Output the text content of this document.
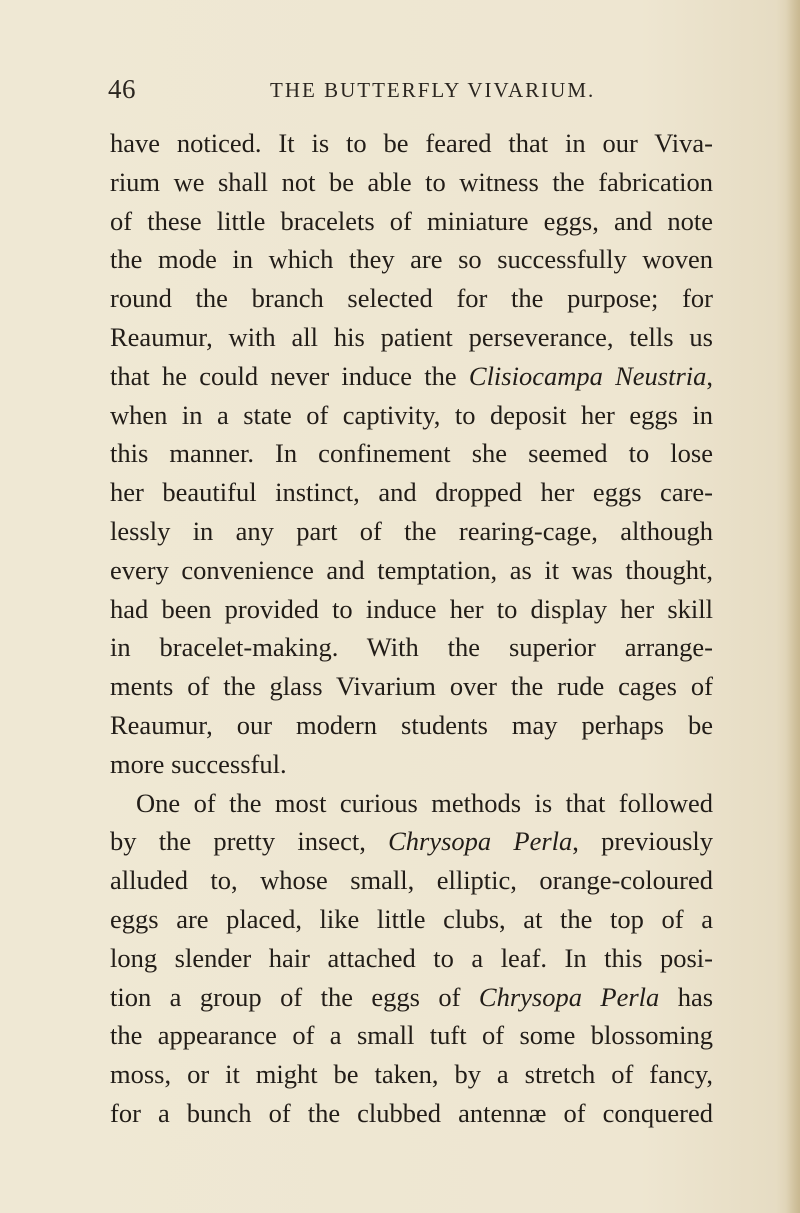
46	THE BUTTERFLY VIVARIUM.
have noticed. It is to be feared that in our Viva-
rium we shall not be able to witness the fabrication
of these little bracelets of miniature eggs, and note
the mode in which they are so successfully woven
round the branch selected for the purpose; for
Reaumur, with all his patient perseverance, tells us
that he could never induce the Clisiocampa Neustria,
when in a state of captivity, to deposit her eggs in
this manner. In confinement she seemed to lose
her beautiful instinct, and dropped her eggs care-
lessly in any part of the rearing-cage, although
every convenience and temptation, as it was thought,
had been provided to induce her to display her skill
in bracelet-making. With the superior arrange-
ments of the glass Vivarium over the rude cages of
Reaumur, our modern students may perhaps be
more successful.
One of the most curious methods is that followed
by the pretty insect, Chrysopa Perla, previously
alluded to, whose small, elliptic, orange-coloured
eggs are placed, like little clubs, at the top of a
long slender hair attached to a leaf. In this posi-
tion a group of the eggs of Chrysopa Perla has
the appearance of a small tuft of some blossoming
moss, or it might be taken, by a stretch of fancy,
for a bunch of the clubbed antennæ of conquered
